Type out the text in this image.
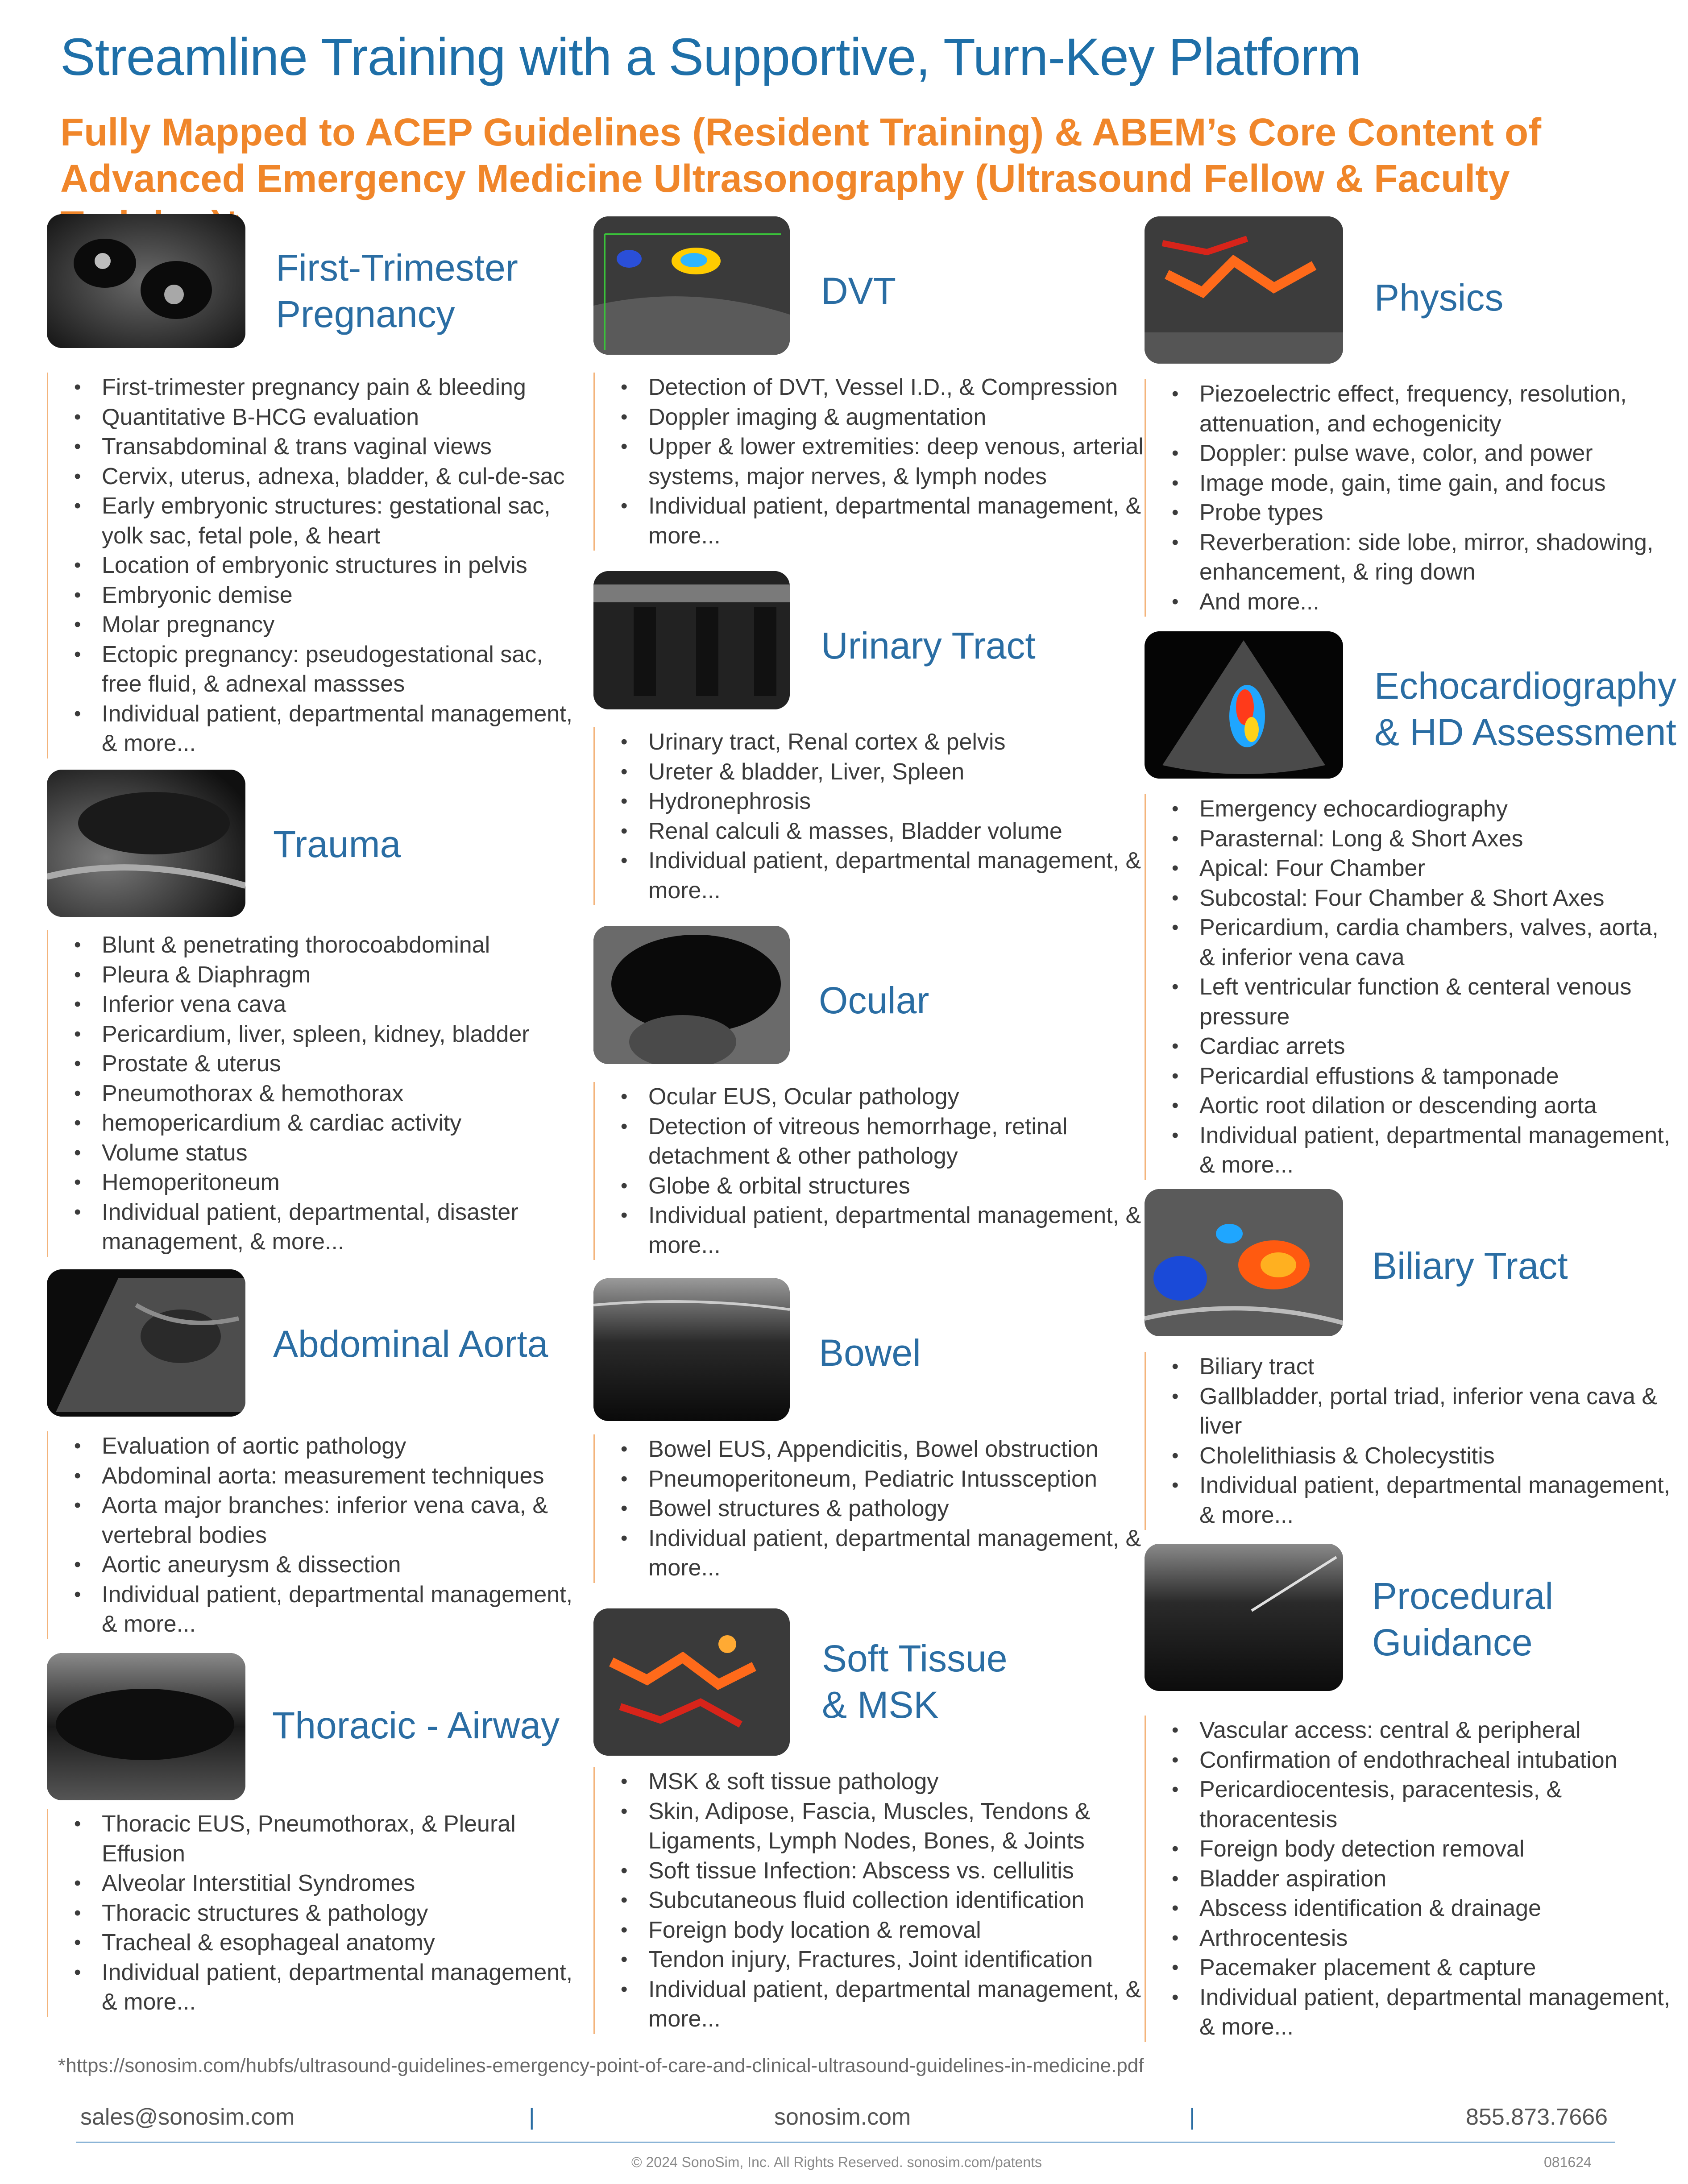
Streamline Training with a Supportive, Turn-Key Platform
Fully Mapped to ACEP Guidelines (Resident Training) & ABEM’s Core Content of Advanced Emergency Medicine Ultrasonography (Ultrasound Fellow & Faculty
First-Trimester
Pregnancy
• First-trimester pregnancy pain & bleeding
• Quantitative B-HCG evaluation
• Transabdominal & trans vaginal views
• Cervix, uterus, adnexa, bladder, & cul-de-sac
• Early embryonic structures: gestational sac, yolk sac, fetal pole, & heart
• Location of embryonic structures in pelvis
• Embryonic demise
• Molar pregnancy
• Ectopic pregnancy: pseudogestational sac, free fluid, & adnexal massses
• Individual patient, departmental management, & more...
Trauma
• Blunt & penetrating thorocoabdominal
• Pleura & Diaphragm
• Inferior vena cava
• Pericardium, liver, spleen, kidney, bladder
• Prostate & uterus
• Pneumothorax & hemothorax
• hemopericardium & cardiac activity
• Volume status
• Hemoperitoneum
• Individual patient, departmental, disaster management, & more...
Abdominal Aorta
• Evaluation of aortic pathology
• Abdominal aorta: measurement techniques
• Aorta major branches: inferior vena cava, & vertebral bodies
• Aortic aneurysm & dissection
• Individual patient, departmental management, & more...
Thoracic - Airway
• Thoracic EUS, Pneumothorax, & Pleural Effusion
• Alveolar Interstitial Syndromes
• Thoracic structures & pathology
• Tracheal & esophageal anatomy
• Individual patient, departmental management, & more...
DVT
• Detection of DVT, Vessel I.D., & Compression
• Doppler imaging & augmentation
• Upper & lower extremities: deep venous, arterial systems, major nerves, & lymph nodes
• Individual patient, departmental management, & more...
Urinary Tract
• Urinary tract, Renal cortex & pelvis
• Ureter & bladder, Liver, Spleen
• Hydronephrosis
• Renal calculi & masses, Bladder volume
• Individual patient, departmental management, & more...
Ocular
• Ocular EUS, Ocular pathology
• Detection of vitreous hemorrhage, retinal detachment & other pathology
• Globe & orbital structures
• Individual patient, departmental management, & more...
Bowel
• Bowel EUS, Appendicitis, Bowel obstruction
• Pneumoperitoneum, Pediatric Intussception
• Bowel structures & pathology
• Individual patient, departmental management, & more...
Soft Tissue
& MSK
• MSK & soft tissue pathology
• Skin, Adipose, Fascia, Muscles, Tendons & Ligaments, Lymph Nodes, Bones, & Joints
• Soft tissue Infection: Abscess vs. cellulitis
• Subcutaneous fluid collection identification
• Foreign body location & removal
• Tendon injury, Fractures, Joint identification
• Individual patient, departmental management, & more...
Physics
• Piezoelectric effect, frequency, resolution, attenuation, and echogenicity
• Doppler: pulse wave, color, and power
• Image mode, gain, time gain, and focus
• Probe types
• Reverberation: side lobe, mirror, shadowing, enhancement, & ring down
• And more...
Echocardiography
& HD Assessment
• Emergency echocardiography
• Parasternal: Long & Short Axes
• Apical: Four Chamber
• Subcostal: Four Chamber & Short Axes
• Pericardium, cardia chambers, valves, aorta, & inferior vena cava
• Left ventricular function & centeral venous pressure
• Cardiac arrets
• Pericardial effustions & tamponade
• Aortic root dilation or descending aorta
• Individual patient, departmental management, & more...
Biliary Tract
• Biliary tract
• Gallbladder, portal triad, inferior vena cava & liver
• Cholelithiasis & Cholecystitis
• Individual patient, departmental management, & more...
Procedural
Guidance
• Vascular access: central & peripheral
• Confirmation of endothracheal intubation
• Pericardiocentesis, paracentesis, & thoracentesis
• Foreign body detection removal
• Bladder aspiration
• Abscess identification & drainage
• Arthrocentesis
• Pacemaker placement & capture
• Individual patient, departmental management, & more...
*https://sonosim.com/hubfs/ultrasound-guidelines-emergency-point-of-care-and-clinical-ultrasound-guidelines-in-medicine.pdf
sales@sonosim.com	|	sonosim.com	|	855.873.7666
© 2024 SonoSim, Inc. All Rights Reserved. sonosim.com/patents	081624
